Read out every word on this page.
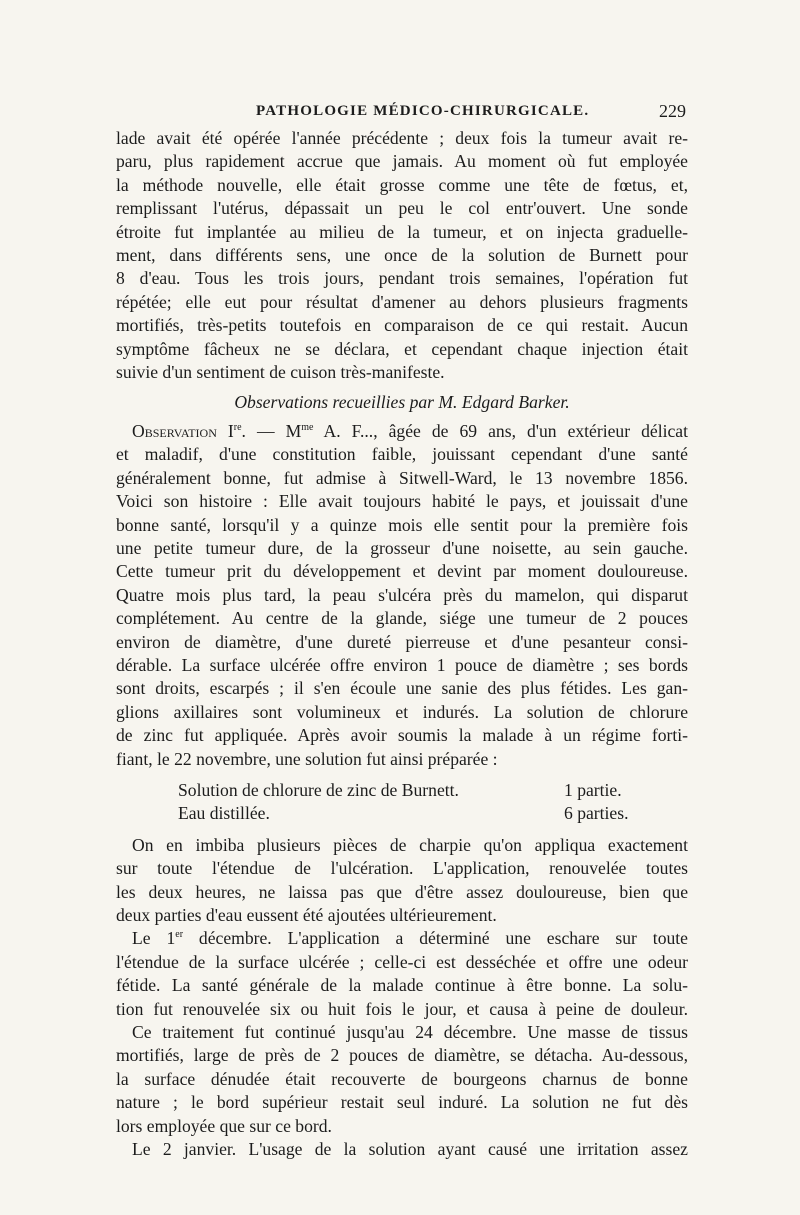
PATHOLOGIE MÉDICO-CHIRURGICALE.	229
lade avait été opérée l'année précédente ; deux fois la tumeur avait re-
paru, plus rapidement accrue que jamais. Au moment où fut employée
la méthode nouvelle, elle était grosse comme une tête de fœtus, et,
remplissant l'utérus, dépassait un peu le col entr'ouvert. Une sonde
étroite fut implantée au milieu de la tumeur, et on injecta graduelle-
ment, dans différents sens, une once de la solution de Burnett pour
8 d'eau. Tous les trois jours, pendant trois semaines, l'opération fut
répétée; elle eut pour résultat d'amener au dehors plusieurs fragments
mortifiés, très-petits toutefois en comparaison de ce qui restait. Aucun
symptôme fâcheux ne se déclara, et cependant chaque injection était
suivie d'un sentiment de cuison très-manifeste.
Observations recueillies par M. Edgard Barker.
Observation Ire. — $M^{me}$ A. F..., âgée de 69 ans, d'un extérieur délicat
et maladif, d'une constitution faible, jouissant cependant d'une santé
généralement bonne, fut admise à Sitwell-Ward, le 13 novembre 1856.
Voici son histoire : Elle avait toujours habité le pays, et jouissait d'une
bonne santé, lorsqu'il y a quinze mois elle sentit pour la première fois
une petite tumeur dure, de la grosseur d'une noisette, au sein gauche.
Cette tumeur prit du développement et devint par moment douloureuse.
Quatre mois plus tard, la peau s'ulcéra près du mamelon, qui disparut
complétement. Au centre de la glande, siége une tumeur de 2 pouces
environ de diamètre, d'une dureté pierreuse et d'une pesanteur consi-
dérable. La surface ulcérée offre environ 1 pouce de diamètre ; ses bords
sont droits, escarpés ; il s'en écoule une sanie des plus fétides. Les gan-
glions axillaires sont volumineux et indurés. La solution de chlorure
de zinc fut appliquée. Après avoir soumis la malade à un régime forti-
fiant, le 22 novembre, une solution fut ainsi préparée :
Solution de chlorure de zinc de Burnett.	1 partie.
Eau distillée.	6 parties.
On en imbiba plusieurs pièces de charpie qu'on appliqua exactement
sur toute l'étendue de l'ulcération. L'application, renouvelée toutes
les deux heures, ne laissa pas que d'être assez douloureuse, bien que
deux parties d'eau eussent été ajoutées ultérieurement.
Le 1er décembre. L'application a déterminé une eschare sur toute
l'étendue de la surface ulcérée ; celle-ci est desséchée et offre une odeur
fétide. La santé générale de la malade continue à être bonne. La solu-
tion fut renouvelée six ou huit fois le jour, et causa à peine de douleur.
Ce traitement fut continué jusqu'au 24 décembre. Une masse de tissus
mortifiés, large de près de 2 pouces de diamètre, se détacha. Au-dessous,
la surface dénudée était recouverte de bourgeons charnus de bonne
nature ; le bord supérieur restait seul induré. La solution ne fut dès
lors employée que sur ce bord.
Le 2 janvier. L'usage de la solution ayant causé une irritation assez
